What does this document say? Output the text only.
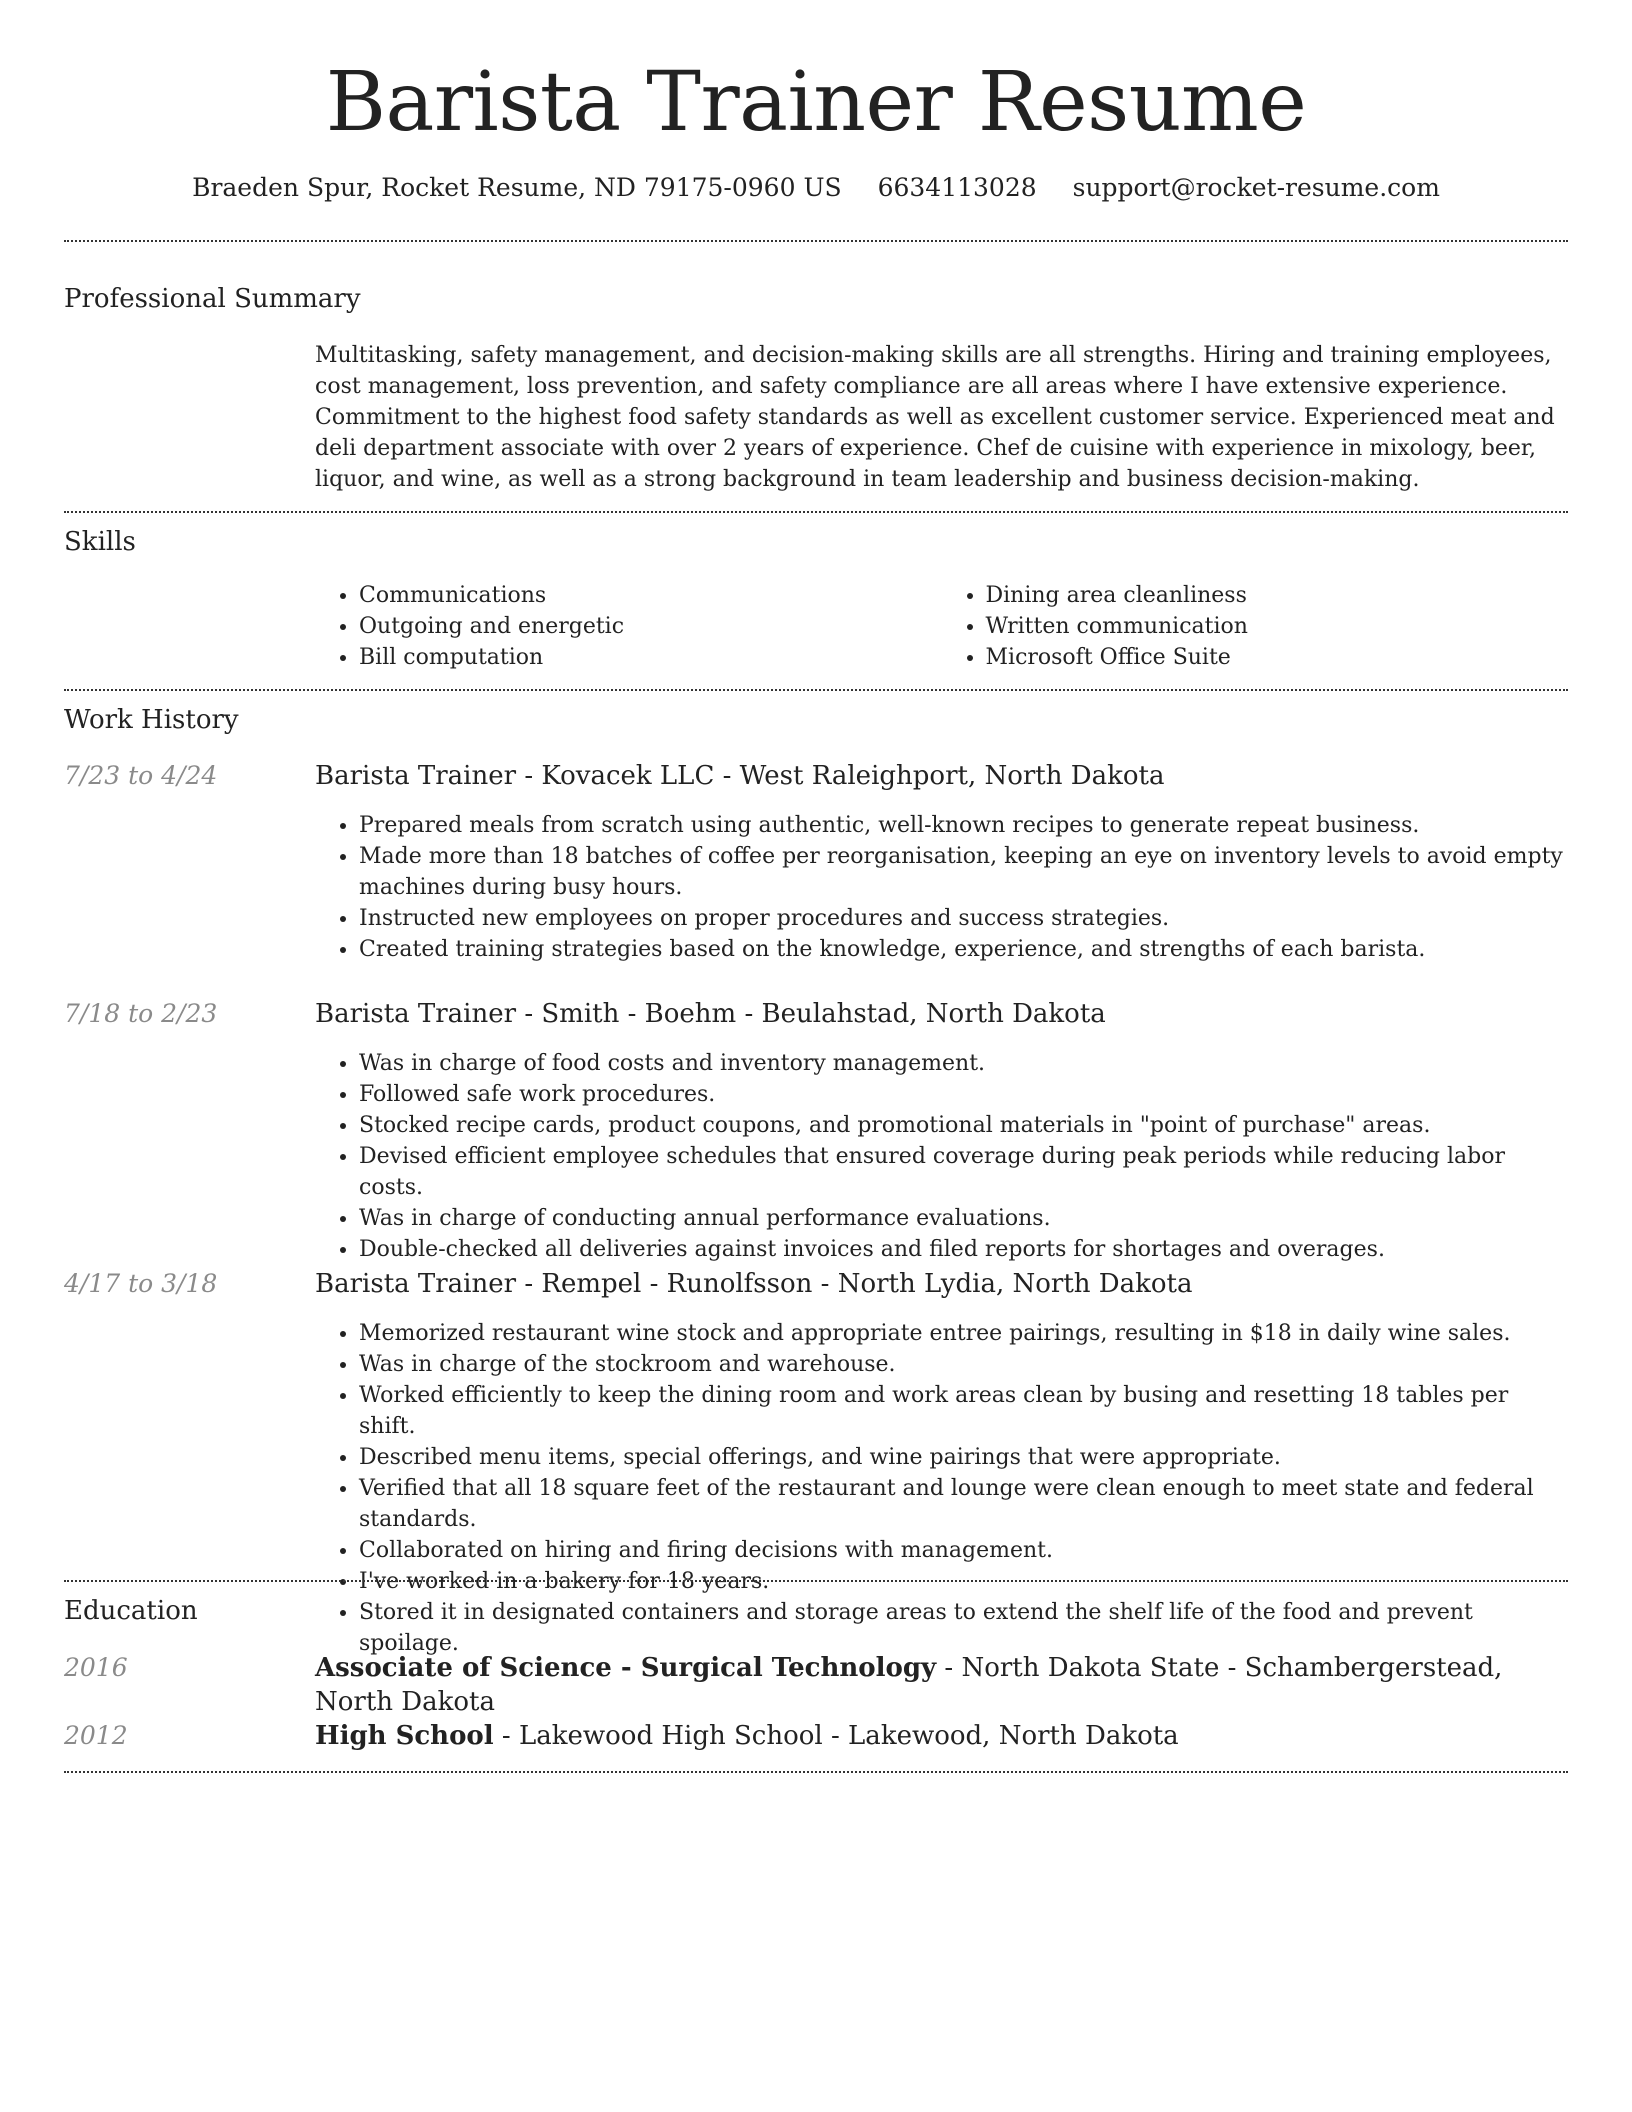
Barista Trainer Resume
Braeden Spur, Rocket Resume, ND 79175-0960 US 6634113028 support@rocket-resume.com
Professional Summary

Multitasking, safety management, and decision-making skills are all strengths. Hiring and training employees, cost management, loss prevention, and safety compliance are all areas where I have extensive experience. Commitment to the highest food safety standards as well as excellent customer service. Experienced meat and deli department associate with over 2 years of experience. Chef de cuisine with experience in mixology, beer, liquor, and wine, as well as a strong background in team leadership and business decision-making.

Skills
• Communications
• Outgoing and energetic
• Bill computation
• Dining area cleanliness
• Written communication
• Microsoft Office Suite
Work History
7/23 to 4/24	Barista Trainer - Kovacek LLC - West Raleighport, North Dakota
• Prepared meals from scratch using authentic, well-known recipes to generate repeat business.
• Made more than 18 batches of coffee per reorganisation, keeping an eye on inventory levels to avoid empty machines during busy hours.
• Instructed new employees on proper procedures and success strategies.
• Created training strategies based on the knowledge, experience, and strengths of each barista.
7/18 to 2/23	Barista Trainer - Smith - Boehm - Beulahstad, North Dakota
• Was in charge of food costs and inventory management.
• Followed safe work procedures.
• Stocked recipe cards, product coupons, and promotional materials in "point of purchase" areas.
• Devised efficient employee schedules that ensured coverage during peak periods while reducing labor costs.
• Was in charge of conducting annual performance evaluations.
• Double-checked all deliveries against invoices and filed reports for shortages and overages.
4/17 to 3/18	Barista Trainer - Rempel - Runolfsson - North Lydia, North Dakota
• Memorized restaurant wine stock and appropriate entree pairings, resulting in $18 in daily wine sales.
• Was in charge of the stockroom and warehouse.
• Worked efficiently to keep the dining room and work areas clean by busing and resetting 18 tables per shift.
• Described menu items, special offerings, and wine pairings that were appropriate.
• Verified that all 18 square feet of the restaurant and lounge were clean enough to meet state and federal standards.
• Collaborated on hiring and firing decisions with management.
• I've worked in a bakery for 18 years.
• Stored it in designated containers and storage areas to extend the shelf life of the food and prevent spoilage.
Education
2016	Associate of Science - Surgical Technology - North Dakota State - Schambergerstead, North Dakota
2012	High School - Lakewood High School - Lakewood, North Dakota
